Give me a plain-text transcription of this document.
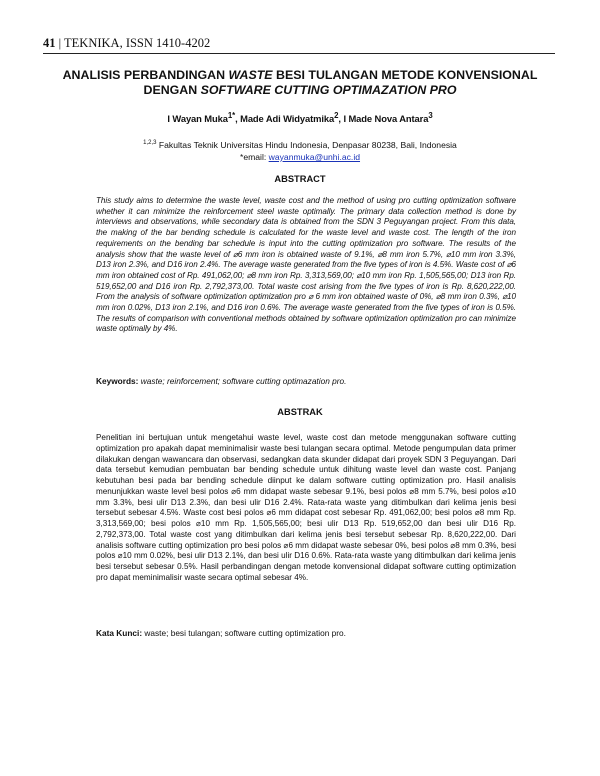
41 | TEKNIKA, ISSN 1410-4202
ANALISIS PERBANDINGAN WASTE BESI TULANGAN METODE KONVENSIONAL
DENGAN SOFTWARE CUTTING OPTIMAZATION PRO
I Wayan Muka$^{1*}$, Made Adi Widyatmika$^2$, I Made Nova Antara$^3$
$^{1,2,3}$ Fakultas Teknik Universitas Hindu Indonesia, Denpasar 80238, Bali, Indonesia
*email: wayanmuka@unhi.ac.id
ABSTRACT
This study aims to determine the waste level, waste cost and the method of using pro cutting optimization software whether it can minimize the reinforcement steel waste optimally. The primary data collection method is done by interviews and observations, while secondary data is obtained from the SDN 3 Peguyangan project. From this data, the making of the bar bending schedule is calculated for the waste level and waste cost. The length of the iron requirements on the bending bar schedule is input into the cutting optimization pro software. The results of the analysis show that the waste level of ⌀6 mm iron is obtained waste of 9.1%, ⌀8 mm iron 5.7%, ⌀10 mm iron 3.3%, D13 iron 2.3%, and D16 iron 2.4%. The average waste generated from the five types of iron is 4.5%. Waste cost of ⌀6 mm iron obtained cost of Rp. 491,062,00; ⌀8 mm iron Rp. 3,313,569,00; ⌀10 mm iron Rp. 1,505,565,00; D13 iron Rp. 519,652,00 and D16 iron Rp. 2,792,373,00. Total waste cost arising from the five types of iron is Rp. 8,620,222,00. From the analysis of software optimization optimization pro ⌀ 6 mm iron obtained waste of 0%, ⌀8 mm iron 0.3%, ⌀10 mm iron 0.02%, D13 iron 2.1%, and D16 iron 0.6%. The average waste generated from the five types of iron is 0.5%. The results of comparison with conventional methods obtained by software optimization optimization pro can minimize waste optimally by 4%.
Keywords: waste; reinforcement; software cutting optimazation pro.
ABSTRAK
Penelitian ini bertujuan untuk mengetahui waste level, waste cost dan metode menggunakan software cutting optimization pro apakah dapat meminimalisir waste besi tulangan secara optimal. Metode pengumpulan data primer dilakukan dengan wawancara dan observasi, sedangkan data skunder didapat dari proyek SDN 3 Peguyangan. Dari data tersebut kemudian pembuatan bar bending schedule untuk dihitung waste level dan waste cost. Panjang kebutuhan besi pada bar bending schedule diinput ke dalam software cutting optimization pro. Hasil analisis menunjukkan waste level besi polos ⌀6 mm didapat waste sebesar 9.1%, besi polos ⌀8 mm 5.7%, besi polos ⌀10 mm 3.3%, besi ulir D13 2.3%, dan besi ulir D16 2.4%. Rata-rata waste yang ditimbulkan dari kelima jenis besi tersebut sebesar 4.5%. Waste cost besi polos ⌀6 mm didapat cost sebesar Rp. 491,062,00; besi polos ⌀8 mm Rp. 3,313,569,00; besi polos ⌀10 mm Rp. 1,505,565,00; besi ulir D13 Rp. 519,652,00 dan besi ulir D16 Rp. 2,792,373,00. Total waste cost yang ditimbulkan dari kelima jenis besi tersebut sebesar Rp. 8,620,222,00. Dari analisis software cutting optimization pro besi polos ⌀6 mm didapat waste sebesar 0%, besi polos ⌀8 mm 0.3%, besi polos ⌀10 mm 0.02%, besi ulir D13 2.1%, dan besi ulir D16 0.6%. Rata-rata waste yang ditimbulkan dari kelima jenis besi tersebut sebesar 0.5%. Hasil perbandingan dengan metode konvensional didapat software cutting optimization pro dapat meminimalisir waste secara optimal sebesar 4%.
Kata Kunci: waste; besi tulangan; software cutting optimization pro.
